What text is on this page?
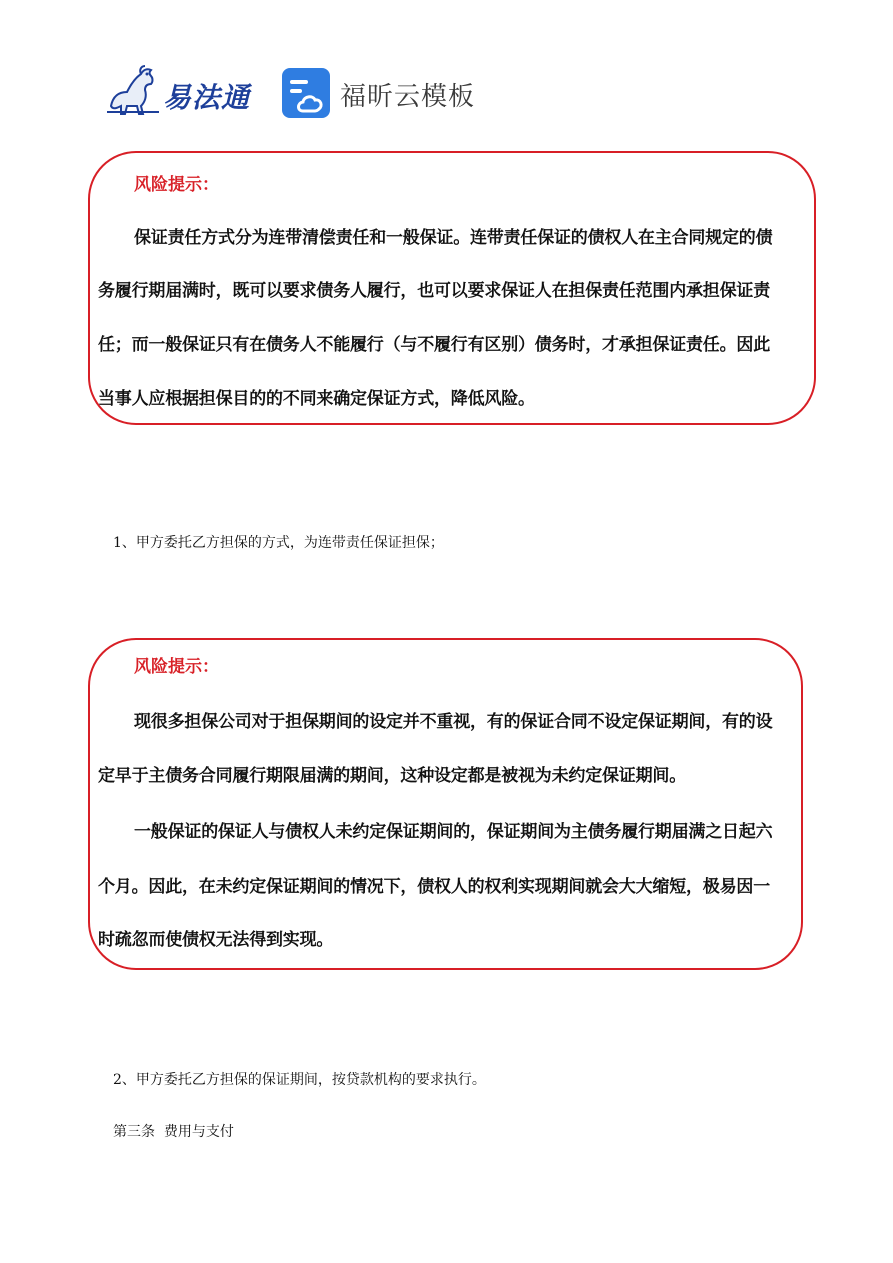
易法通	福昕云模板
风险提示：
保证责任方式分为连带清偿责任和一般保证。连带责任保证的债权人在主合同规定的债
务履行期届满时，既可以要求债务人履行，也可以要求保证人在担保责任范围内承担保证责
任；而一般保证只有在债务人不能履行（与不履行有区别）债务时，才承担保证责任。因此
当事人应根据担保目的的不同来确定保证方式，降低风险。
1、甲方委托乙方担保的方式，为连带责任保证担保；
风险提示：
现很多担保公司对于担保期间的设定并不重视，有的保证合同不设定保证期间，有的设
定早于主债务合同履行期限届满的期间，这种设定都是被视为未约定保证期间。
一般保证的保证人与债权人未约定保证期间的，保证期间为主债务履行期届满之日起六
个月。因此，在未约定保证期间的情况下，债权人的权利实现期间就会大大缩短，极易因一
时疏忽而使债权无法得到实现。
2、甲方委托乙方担保的保证期间，按贷款机构的要求执行。
第三条  费用与支付
